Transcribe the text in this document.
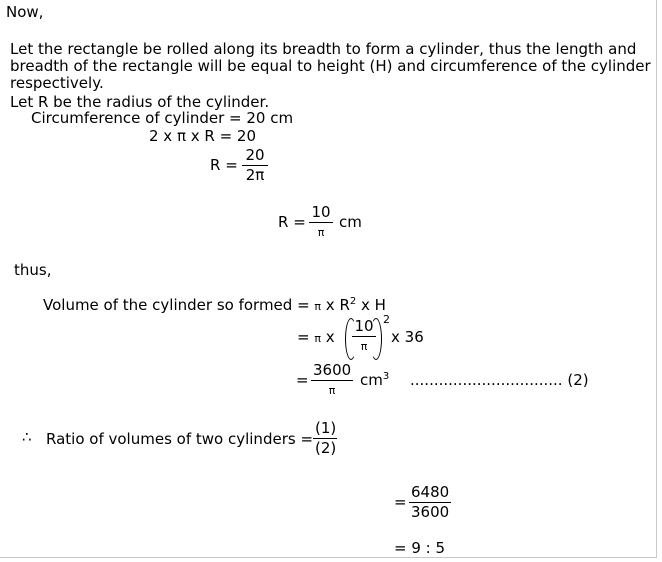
Now,
Let the rectangle be rolled along its breadth to form a cylinder, thus the length and
breadth of the rectangle will be equal to height (H) and circumference of the cylinder
respectively.
Let R be the radius of the cylinder.
Circumference of cylinder = 20 cm
2 x π x R = 20
R =
20
2π
R =
10
π
cm
thus,
Volume of the cylinder so formed = π x $R^2$ x H
= π x
10
π
2
x 36
=
3600
π
$cm^3$ ................................ (2)
∴ Ratio of volumes of two cylinders =
(1)
(2)
=
6480
3600
= 9 : 5
